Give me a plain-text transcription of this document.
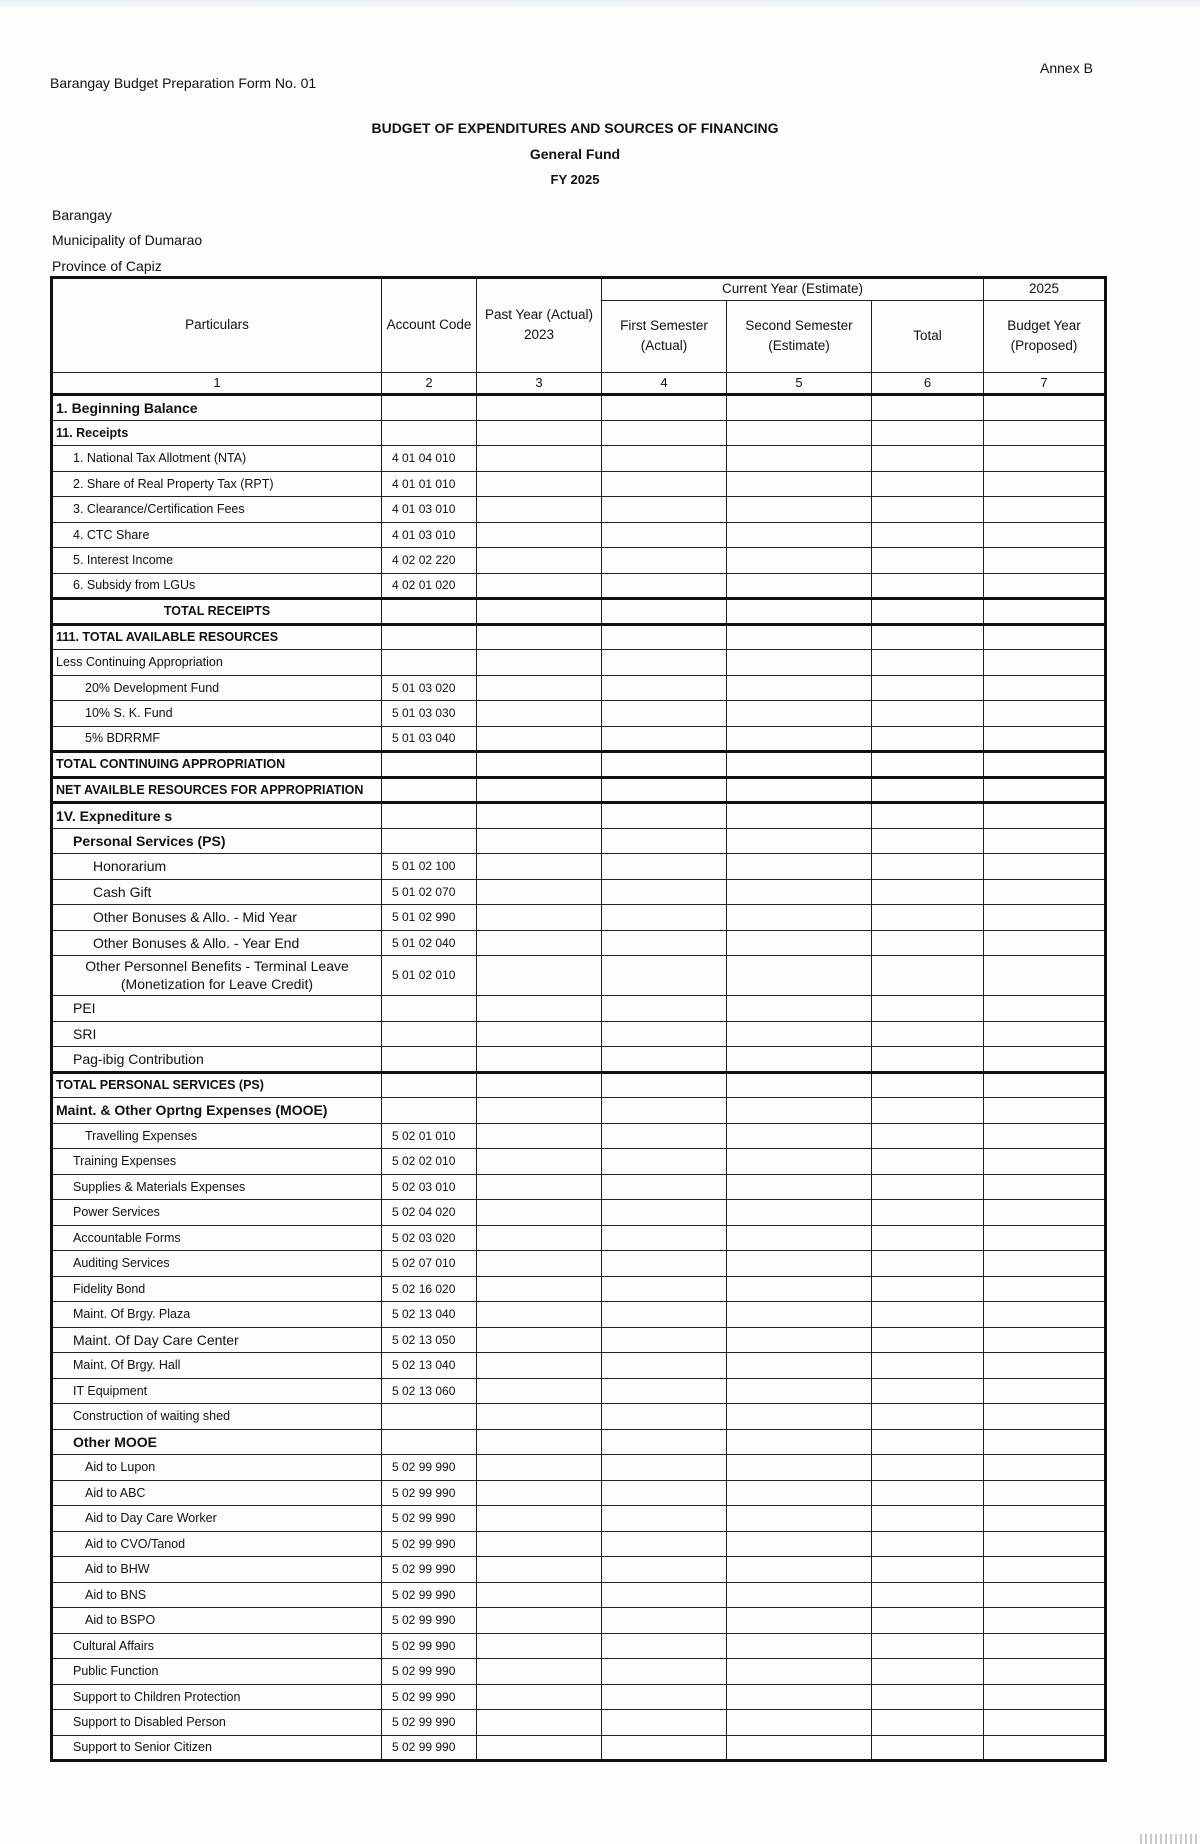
Barangay Budget Preparation Form No. 01
Annex B
BUDGET OF EXPENDITURES AND SOURCES OF FINANCING
General Fund
FY 2025
Barangay
Municipality of Dumarao
Province of Capiz
Particulars	Account Code	Past Year (Actual) 2023	Current Year (Estimate)			2025
			First Semester (Actual)	Second Semester (Estimate)	Total	Budget Year (Proposed)
1	2	3	4	5	6	7
1. Beginning Balance						
11. Receipts						
1. National Tax Allotment (NTA)	4 01 04 010					
2. Share of Real Property Tax (RPT)	4 01 01 010					
3. Clearance/Certification Fees	4 01 03 010					
4. CTC Share	4 01 03 010					
5. Interest Income	4 02 02 220					
6. Subsidy from LGUs	4 02 01 020					
TOTAL RECEIPTS						
111. TOTAL AVAILABLE RESOURCES						
Less Continuing Appropriation						
20% Development Fund	5 01 03 020					
10% S. K. Fund	5 01 03 030					
5% BDRRMF	5 01 03 040					
TOTAL CONTINUING APPROPRIATION						
NET AVAILBLE RESOURCES FOR APPROPRIATION						
1V. Expnediture s						
Personal Services (PS)						
Honorarium	5 01 02 100					
Cash Gift	5 01 02 070					
Other Bonuses & Allo. - Mid Year	5 01 02 990					
Other Bonuses & Allo. - Year End	5 01 02 040					
Other Personnel Benefits - Terminal Leave (Monetization for Leave Credit)	5 01 02 010					
PEI						
SRI						
Pag-ibig Contribution						
TOTAL PERSONAL SERVICES (PS)						
Maint. & Other Oprtng Expenses (MOOE)						
Travelling Expenses	5 02 01 010					
Training Expenses	5 02 02 010					
Supplies & Materials Expenses	5 02 03 010					
Power Services	5 02 04 020					
Accountable Forms	5 02 03 020					
Auditing Services	5 02 07 010					
Fidelity Bond	5 02 16 020					
Maint. Of Brgy. Plaza	5 02 13 040					
Maint. Of Day Care Center	5 02 13 050					
Maint. Of Brgy. Hall	5 02 13 040					
IT Equipment	5 02 13 060					
Construction of waiting shed						
Other MOOE						
Aid to Lupon	5 02 99 990					
Aid to ABC	5 02 99 990					
Aid to Day Care Worker	5 02 99 990					
Aid to CVO/Tanod	5 02 99 990					
Aid to BHW	5 02 99 990					
Aid to BNS	5 02 99 990					
Aid to BSPO	5 02 99 990					
Cultural Affairs	5 02 99 990					
Public Function	5 02 99 990					
Support to Children Protection	5 02 99 990					
Support to Disabled Person	5 02 99 990					
Support to Senior Citizen	5 02 99 990					
